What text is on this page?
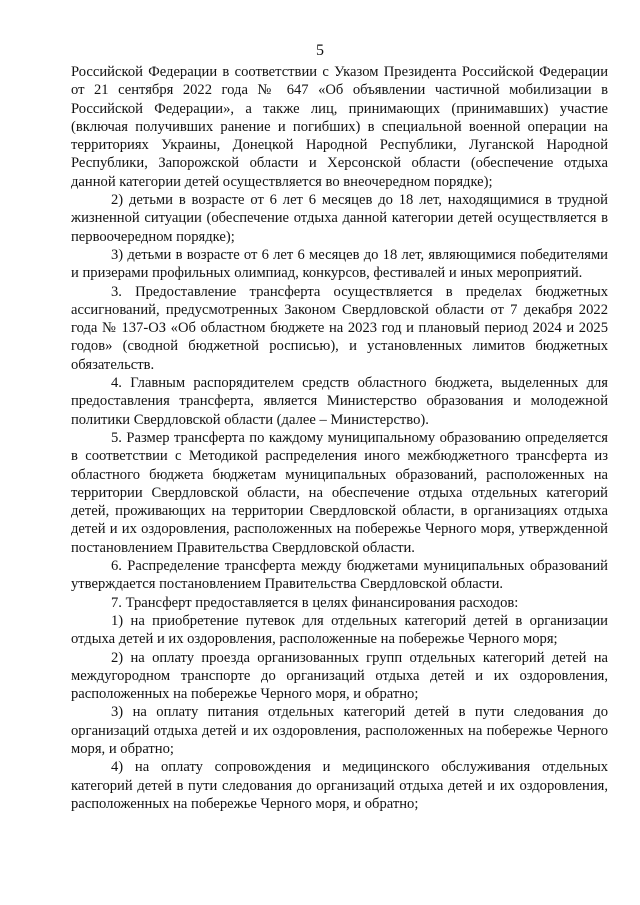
5

Российской Федерации в соответствии с Указом Президента Российской Федерации от 21 сентября 2022 года № 647 «Об объявлении частичной мобилизации в Российской Федерации», а также лиц, принимающих (принимавших) участие (включая получивших ранение и погибших) в специальной военной операции на территориях Украины, Донецкой Народной Республики, Луганской Народной Республики, Запорожской области и Херсонской области (обеспечение отдыха данной категории детей осуществляется во внеочередном порядке);

2) детьми в возрасте от 6 лет 6 месяцев до 18 лет, находящимися в трудной жизненной ситуации (обеспечение отдыха данной категории детей осуществляется в первоочередном порядке);

3) детьми в возрасте от 6 лет 6 месяцев до 18 лет, являющимися победителями и призерами профильных олимпиад, конкурсов, фестивалей и иных мероприятий.

3. Предоставление трансферта осуществляется в пределах бюджетных ассигнований, предусмотренных Законом Свердловской области от 7 декабря 2022 года № 137-ОЗ «Об областном бюджете на 2023 год и плановый период 2024 и 2025 годов» (сводной бюджетной росписью), и установленных лимитов бюджетных обязательств.

4. Главным распорядителем средств областного бюджета, выделенных для предоставления трансферта, является Министерство образования и молодежной политики Свердловской области (далее – Министерство).

5. Размер трансферта по каждому муниципальному образованию определяется в соответствии с Методикой распределения иного межбюджетного трансферта из областного бюджета бюджетам муниципальных образований, расположенных на территории Свердловской области, на обеспечение отдыха отдельных категорий детей, проживающих на территории Свердловской области, в организациях отдыха детей и их оздоровления, расположенных на побережье Черного моря, утвержденной постановлением Правительства Свердловской области.

6. Распределение трансферта между бюджетами муниципальных образований утверждается постановлением Правительства Свердловской области.

7. Трансферт предоставляется в целях финансирования расходов:

1) на приобретение путевок для отдельных категорий детей в организации отдыха детей и их оздоровления, расположенные на побережье Черного моря;

2) на оплату проезда организованных групп отдельных категорий детей на междугородном транспорте до организаций отдыха детей и их оздоровления, расположенных на побережье Черного моря, и обратно;

3) на оплату питания отдельных категорий детей в пути следования до организаций отдыха детей и их оздоровления, расположенных на побережье Черного моря, и обратно;

4) на оплату сопровождения и медицинского обслуживания отдельных категорий детей в пути следования до организаций отдыха детей и их оздоровления, расположенных на побережье Черного моря, и обратно;
